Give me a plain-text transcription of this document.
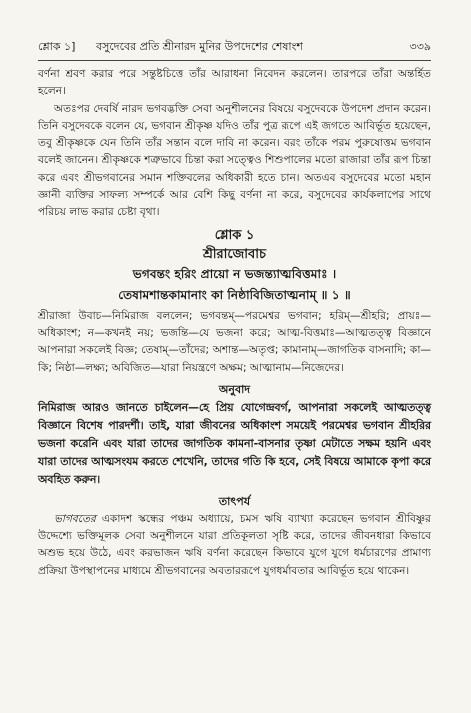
শ্লোক ১] বসুদেবের প্রতি শ্রীনারদ মুনির উপদেশের শেষাংশ	৩৩৯

বর্ণনা শ্রবণ করার পরে সন্তুষ্টচিত্তে তাঁর আরাধনা নিবেদন করলেন। তারপরে তাঁরা অন্তর্হিত হলেন।

অতঃপর দেবর্ষি নারদ ভগবদ্ভক্তি সেবা অনুশীলনের বিষয়ে বসুদেবকে উপদেশ প্রদান করেন। তিনি বসুদেবকে বলেন যে, ভগবান শ্রীকৃষ্ণ যদিও তাঁর পুত্র রূপে এই জগতে আবির্ভূত হয়েছেন, তবু শ্রীকৃষ্ণকে যেন তিনি তাঁর সন্তান বলে দাবি না করেন। বরং তাঁকে পরম পুরুষোত্তম ভগবান বলেই জানেন। শ্রীকৃষ্ণকে শত্রুভাবে চিন্তা করা সত্ত্বেও শিশুপালের মতো রাজারা তাঁর রূপ চিন্তা করে এবং শ্রীভগবানের সমান শক্তিবলের অধিকারী হতে চান। অতএব বসুদেবের মতো মহান জ্ঞানী ব্যক্তির সাফল্য সম্পর্কে আর বেশি কিছু বর্ণনা না করে, বসুদেবের কার্যকলাপের সাথে পরিচয় লাভ করার চেষ্টা বৃথা।

শ্লোক ১
শ্রীরাজোবাচ
ভগবন্তং হরিং প্রায়ো ন ভজন্ত্যাত্মবিত্তমাঃ ।
তেষামশান্তকামানাং কা নিষ্ঠাবিজিতাত্মনাম্ ॥ ১ ॥

শ্রীরাজা উবাচ—নিমিরাজ বললেন; ভগবন্তম্—পরমেশ্বর ভগবান; হরিম্—শ্রীহরি; প্রায়ঃ—অধিকাংশ; ন—কখনই নয়; ভজন্তি—যে ভজনা করে; আত্ম-বিত্তমাঃ—আত্মতত্ত্ব বিজ্ঞানে আপনারা সকলেই বিজ্ঞ; তেষাম্—তাঁদের; অশান্ত—অতৃপ্ত; কামানাম্—জাগতিক বাসনাদি; কা—কি; নিষ্ঠা—লক্ষ্য; অবিজিত—যারা নিয়ন্ত্রণে অক্ষম; আত্মানাম—নিজেদের।

অনুবাদ

নিমিরাজ আরও জানতে চাইলেন—হে প্রিয় যোগেন্দ্রবর্গ, আপনারা সকলেই আত্মতত্ত্ব বিজ্ঞানে বিশেষ পারদর্শী। তাই, যারা জীবনের অধিকাংশ সময়েই পরমেশ্বর ভগবান শ্রীহরির ভজনা করেনি এবং যারা তাদের জাগতিক কামনা-বাসনার তৃষ্ণা মেটাতে সক্ষম হয়নি এবং যারা তাদের আত্মসংযম করতে শেখেনি, তাদের গতি কি হবে, সেই বিষয়ে আমাকে কৃপা করে অবহিত করুন।

তাৎপর্য

ভাগবতের একাদশ স্কন্ধের পঞ্চম অধ্যায়ে, চমস ঋষি ব্যাখ্যা করেছেন ভগবান শ্রীবিষ্ণুর উদ্দেশ্যে ভক্তিমূলক সেবা অনুশীলনে যারা প্রতিকূলতা সৃষ্টি করে, তাদের জীবনধারা কিভাবে অশুভ হয়ে উঠে, এবং করভাজন ঋষি বর্ণনা করেছেন কিভাবে যুগে যুগে ধর্মচারণের প্রামাণ্য প্রক্রিয়া উপস্থাপনের মাধ্যমে শ্রীভগবানের অবতাররূপে যুগধর্মাবতার আবির্ভূত হয়ে থাকেন।
